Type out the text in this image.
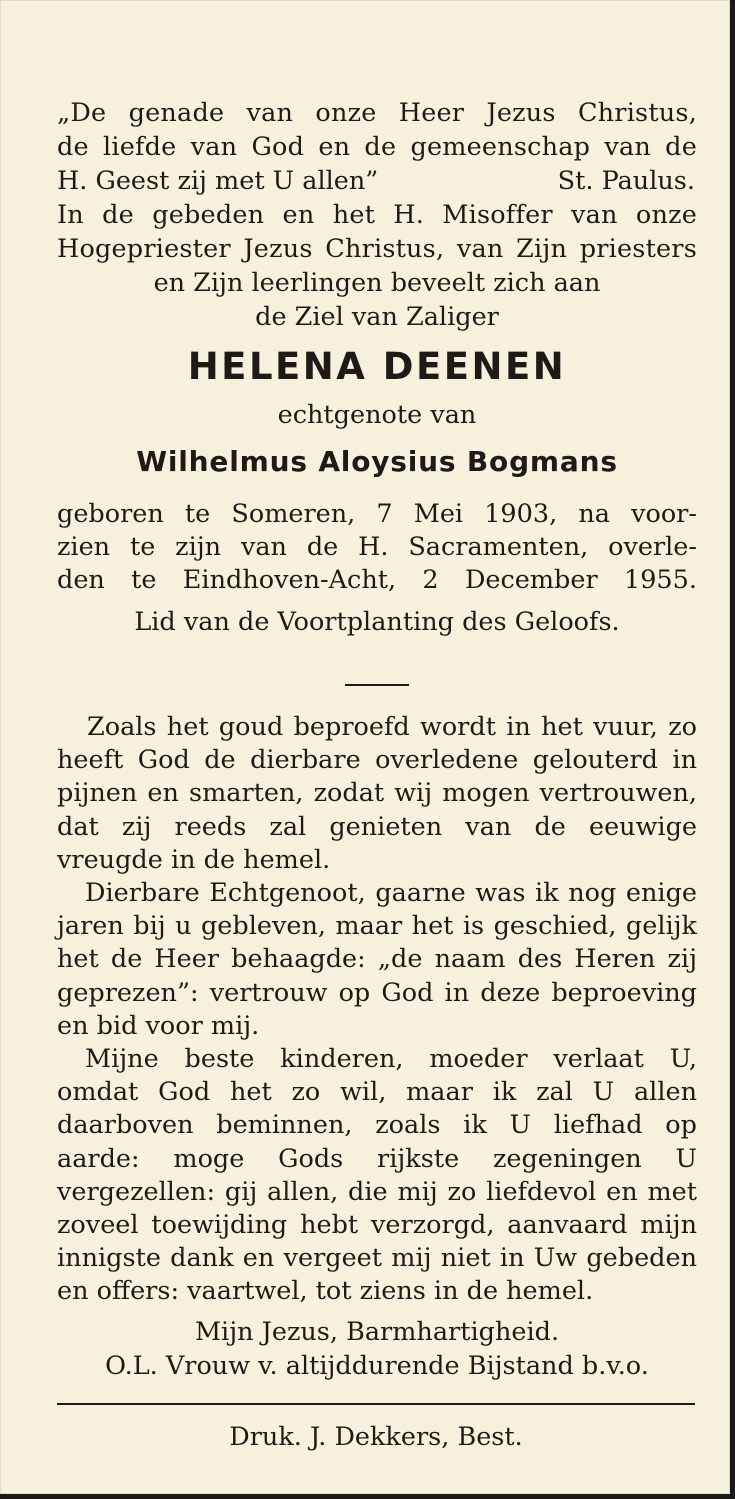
„De genade van onze Heer Jezus Christus,

de liefde van God en de gemeenschap van de

H. Geest zij met U allen”	St. Paulus.

In de gebeden en het H. Misoffer van onze

Hogepriester Jezus Christus, van Zijn priesters

en Zijn leerlingen beveelt zich aan

de Ziel van Zaliger

HELENA DEENEN

echtgenote van

Wilhelmus Aloysius Bogmans

geboren te Someren, 7 Mei 1903, na voor-
zien te zijn van de H. Sacramenten, overle-
den te Eindhoven-Acht, 2 December 1955.

Lid van de Voortplanting des Geloofs.

Zoals het goud beproefd wordt in het vuur, zo heeft God de dierbare overledene gelouterd in pijnen en smarten, zodat wij mogen vertrouwen, dat zij reeds zal genieten van de eeuwige vreugde in de hemel.

Dierbare Echtgenoot, gaarne was ik nog enige jaren bij u gebleven, maar het is geschied, gelijk het de Heer behaagde: „de naam des Heren zij geprezen”: vertrouw op God in deze beproeving en bid voor mij.

Mijne beste kinderen, moeder verlaat U, omdat God het zo wil, maar ik zal U allen daarboven beminnen, zoals ik U liefhad op aarde: moge Gods rijkste zegeningen U vergezellen: gij allen, die mij zo liefdevol en met zoveel toewijding hebt verzorgd, aanvaard mijn innigste dank en vergeet mij niet in Uw gebeden en offers: vaartwel, tot ziens in de hemel.

Mijn Jezus, Barmhartigheid.

O.L. Vrouw v. altijddurende Bijstand b.v.o.

Druk. J. Dekkers, Best.
